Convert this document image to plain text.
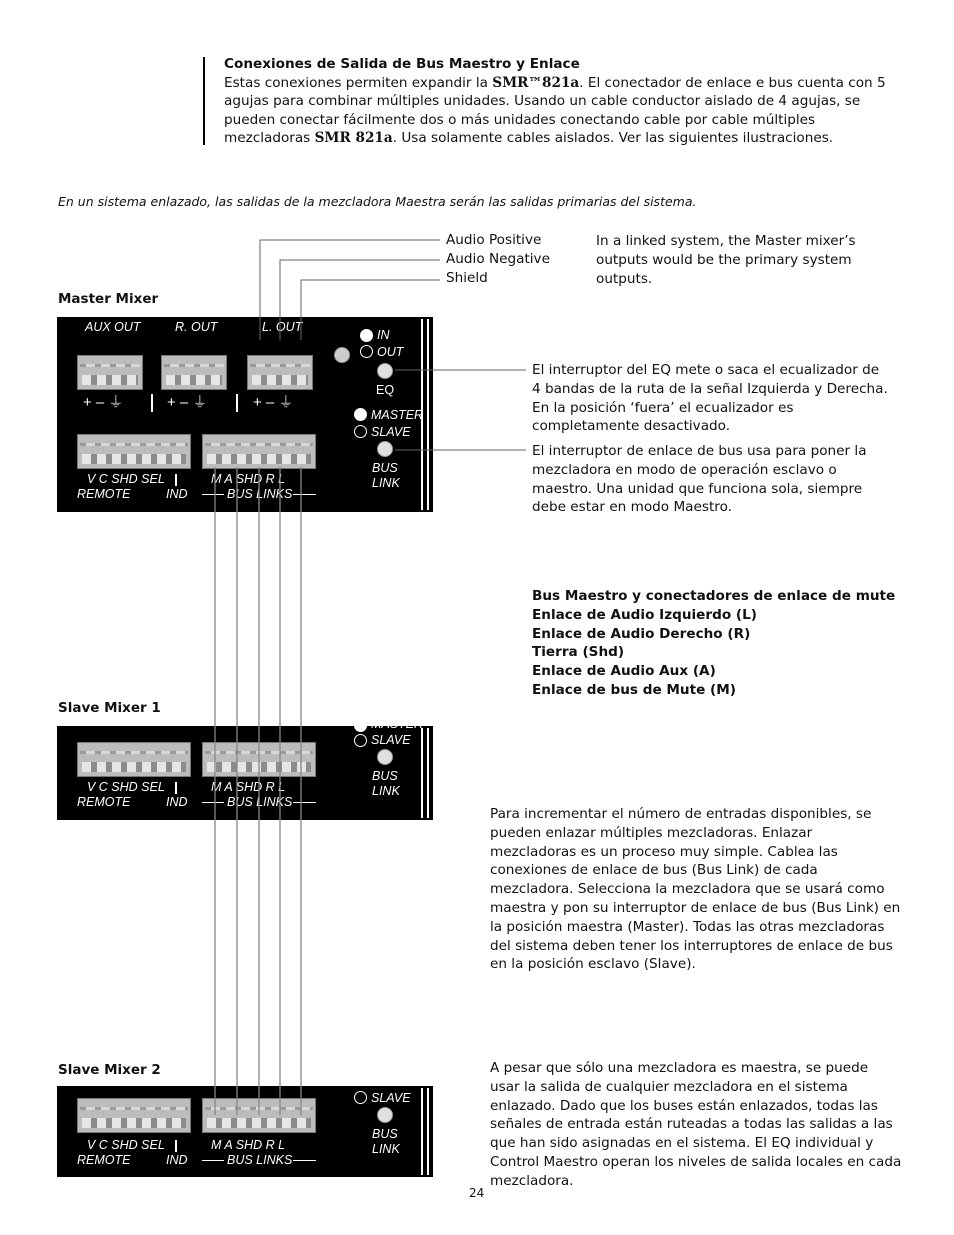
Conexiones de Salida de Bus Maestro y Enlace
Estas conexiones permiten expandir la SMR™821a. El conectador de enlace e bus cuenta con 5 agujas para combinar múltiples unidades. Usando un cable conductor aislado de 4 agujas, se pueden conectar fácilmente dos o más unidades conectando cable por cable múltiples mezcladoras SMR 821a. Usa solamente cables aislados. Ver las siguientes ilustraciones.
En un sistema enlazado, las salidas de la mezcladora Maestra serán las salidas primarias del sistema.
Audio Positive
Audio Negative
Shield
In a linked system, the Master mixer’s outputs would be the primary system outputs.
Master Mixer
AUX OUT	R. OUT	L. OUT
+ – ⏚	+ – ⏚	+ – ⏚
IN
OUT
EQ
MASTER
SLAVE
BUS
LINK
V C SHD SEL
REMOTE	IND
M A SHD R L
BUS LINKS
El interruptor del EQ mete o saca el ecualizador de 4 bandas de la ruta de la señal Izquierda y Derecha. En la posición ‘fuera’ el ecualizador es completamente desactivado.
El interruptor de enlace de bus usa para poner la mezcladora en modo de operación esclavo o maestro. Una unidad que funciona sola, siempre debe estar en modo Maestro.
Bus Maestro y conectadores de enlace de mute
Enlace de Audio Izquierdo (L)
Enlace de Audio Derecho (R)
Tierra (Shd)
Enlace de Audio Aux (A)
Enlace de bus de Mute (M)
Slave Mixer 1
MASTER
SLAVE
BUS
LINK
V C SHD SEL
REMOTE	IND
M A SHD R L
BUS LINKS
Para incrementar el número de entradas disponibles, se pueden enlazar múltiples mezcladoras. Enlazar mezcladoras es un proceso muy simple. Cablea las conexiones de enlace de bus (Bus Link) de cada mezcladora. Selecciona la mezcladora que se usará como maestra y pon su interruptor de enlace de bus (Bus Link) en la posición maestra (Master). Todas las otras mezcladoras del sistema deben tener los interruptores de enlace de bus en la posición esclavo (Slave).
Slave Mixer 2
SLAVE
BUS
LINK
V C SHD SEL
REMOTE	IND
M A SHD R L
BUS LINKS
A pesar que sólo una mezcladora es maestra, se puede usar la salida de cualquier mezcladora en el sistema enlazado. Dado que los buses están enlazados, todas las señales de entrada están ruteadas a todas las salidas a las que han sido asignadas en el sistema. El EQ individual y Control Maestro operan los niveles de salida locales en cada mezcladora.
24
